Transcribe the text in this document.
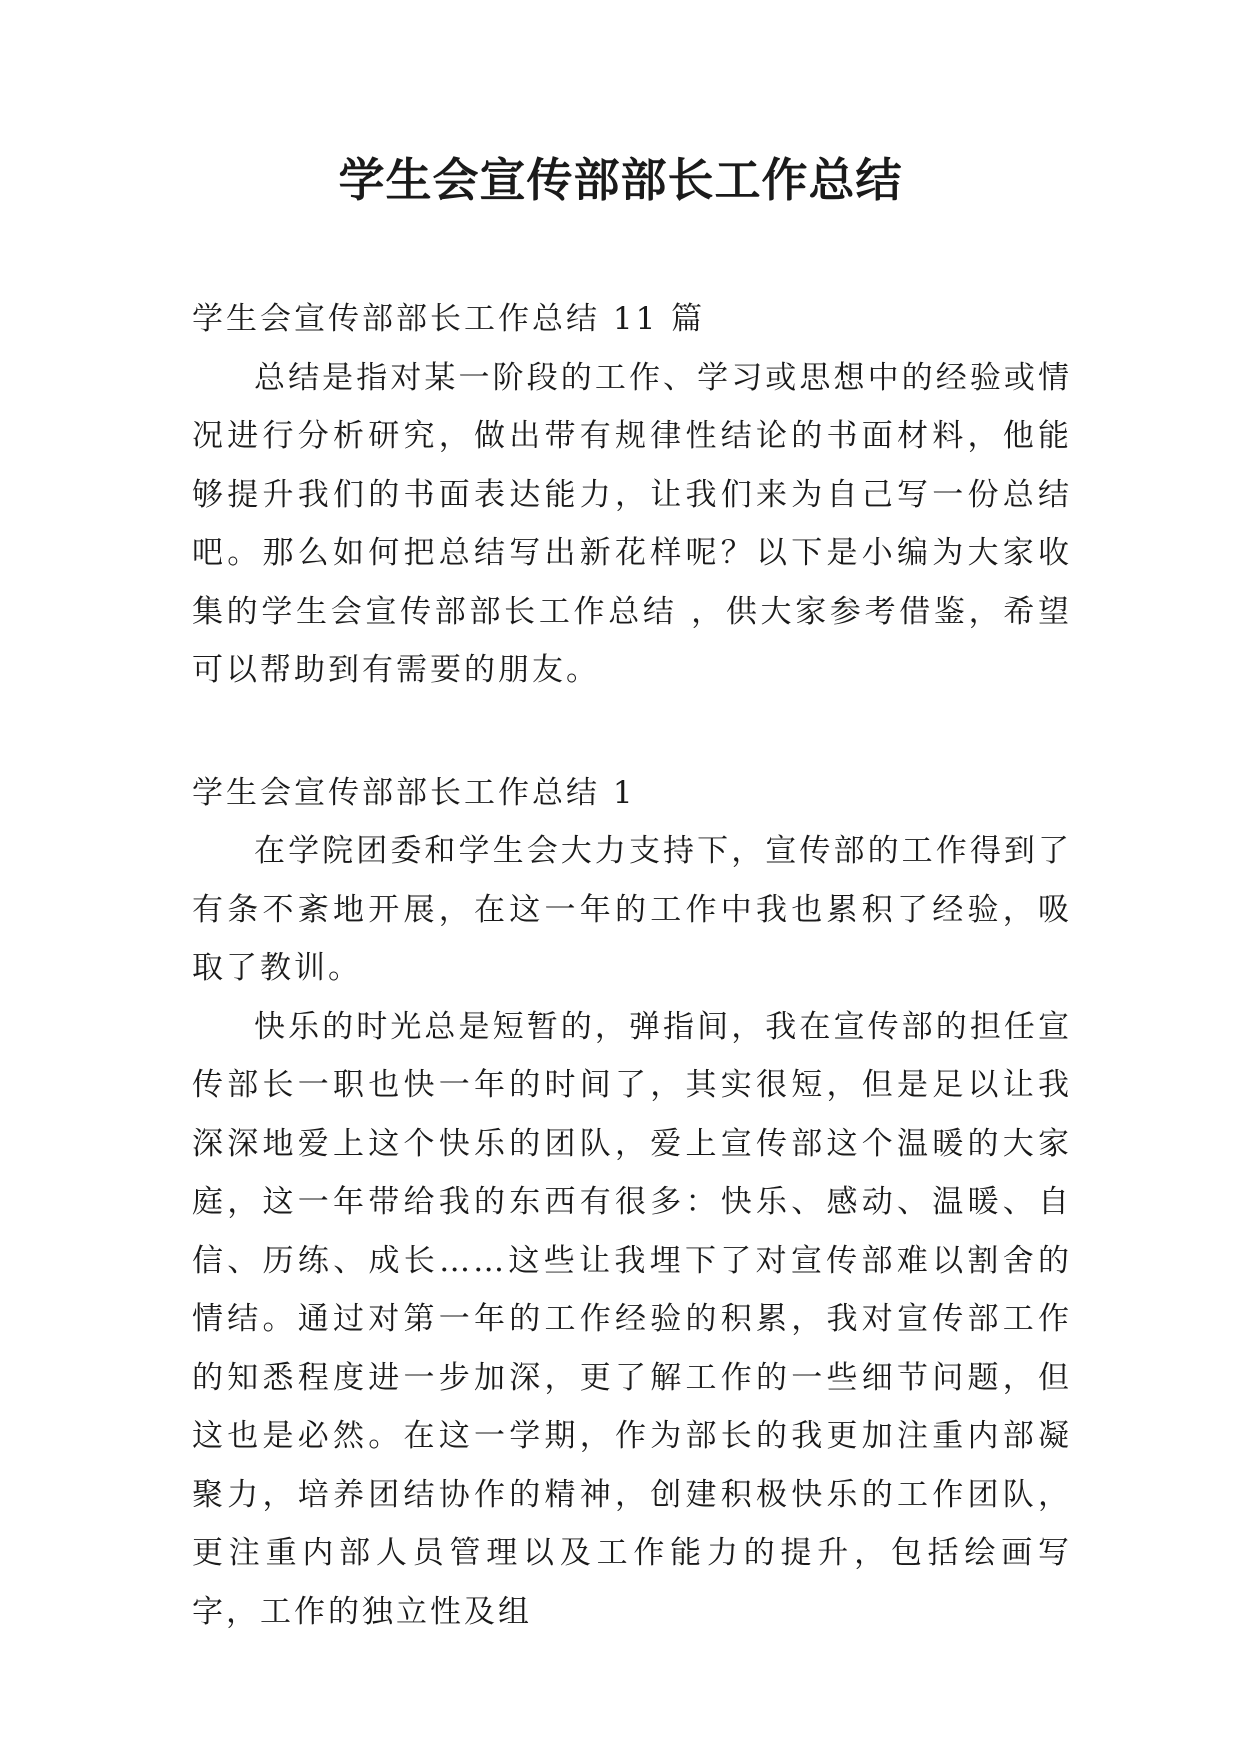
学生会宣传部部长工作总结
学生会宣传部部长工作总结 11 篇

总结是指对某一阶段的工作、学习或思想中的经验或情况进行分析研究，做出带有规律性结论的书面材料，他能够提升我们的书面表达能力，让我们来为自己写一份总结吧。那么如何把总结写出新花样呢？以下是小编为大家收集的学生会宣传部部长工作总结 ，供大家参考借鉴，希望可以帮助到有需要的朋友。

学生会宣传部部长工作总结 1

在学院团委和学生会大力支持下，宣传部的工作得到了有条不紊地开展，在这一年的工作中我也累积了经验，吸取了教训。

快乐的时光总是短暂的，弹指间，我在宣传部的担任宣传部长一职也快一年的时间了，其实很短，但是足以让我深深地爱上这个快乐的团队，爱上宣传部这个温暖的大家庭，这一年带给我的东西有很多：快乐、感动、温暖、自信、历练、成长……这些让我埋下了对宣传部难以割舍的情结。通过对第一年的工作经验的积累，我对宣传部工作的知悉程度进一步加深，更了解工作的一些细节问题，但这也是必然。在这一学期，作为部长的我更加注重内部凝聚力，培养团结协作的精神，创建积极快乐的工作团队，更注重内部人员管理以及工作能力的提升，包括绘画写字，工作的独立性及组
